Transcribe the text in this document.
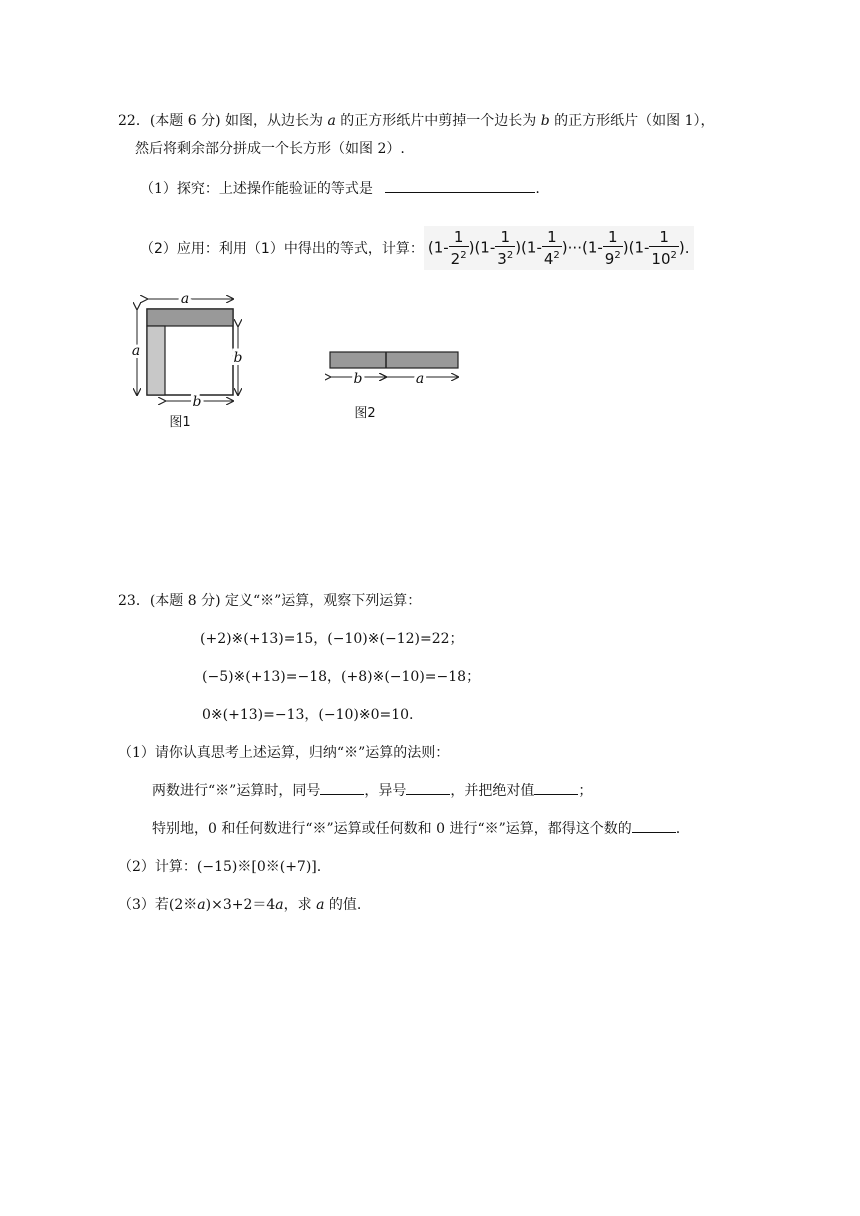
22．(本题 6 分) 如图，从边长为 a 的正方形纸片中剪掉一个边长为 b 的正方形纸片（如图 1），
然后将剩余部分拼成一个长方形（如图 2）.
（1）探究：上述操作能验证的等式是	.
（2）应用：利用（1）中得出的等式，计算： $(1- \frac{1}{2^2} )(1- \frac{1}{3^2} )(1- \frac{1}{4^2} )\cdot\cdot\cdot(1- \frac{1}{9^2} )(1- \frac{1}{10^2}$ ).
a
a	b
b
图1
b	a
图2
23．(本题 8 分) 定义“※”运算，观察下列运算：
(+2)※(+13)=15，(−10)※(−12)=22；
(−5)※(+13)=−18，(+8)※(−10)=−18；
0※(+13)=−13，(−10)※0=10.
（1）请你认真思考上述运算，归纳“※”运算的法则：
两数进行“※”运算时，同号	，异号	，并把绝对值	；
特别地，0 和任何数进行“※”运算或任何数和 0 进行“※”运算，都得这个数的	.
（2）计算：(−15)※[0※(+7)].
（3）若(2※a)×3+2＝4a，求 a 的值.
